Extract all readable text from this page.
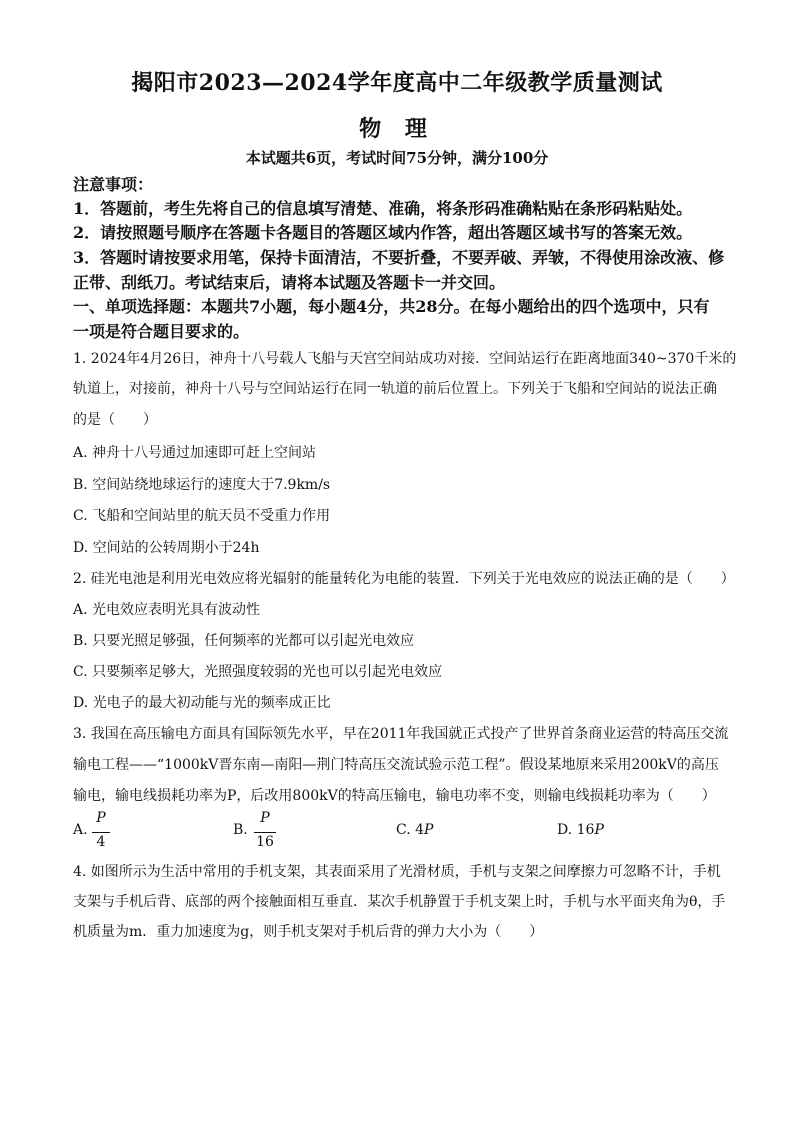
揭阳市2023—2024学年度高中二年级教学质量测试
物 理
本试题共6页，考试时间75分钟，满分100分
注意事项：
1．答题前，考生先将自己的信息填写清楚、准确，将条形码准确粘贴在条形码粘贴处。
2．请按照题号顺序在答题卡各题目的答题区域内作答，超出答题区域书写的答案无效。
3．答题时请按要求用笔，保持卡面清洁，不要折叠，不要弄破、弄皱，不得使用涂改液、修
正带、刮纸刀。考试结束后，请将本试题及答题卡一并交回。
一、单项选择题：本题共7小题，每小题4分，共28分。在每小题给出的四个选项中，只有
一项是符合题目要求的。
1. 2024年4月26日，神舟十八号载人飞船与天宫空间站成功对接．空间站运行在距离地面340~370千米的
轨道上，对接前，神舟十八号与空间站运行在同一轨道的前后位置上。下列关于飞船和空间站的说法正确
的是（　　）
A. 神舟十八号通过加速即可赶上空间站
B. 空间站绕地球运行的速度大于7.9km/s
C. 飞船和空间站里的航天员不受重力作用
D. 空间站的公转周期小于24h
2. 硅光电池是利用光电效应将光辐射的能量转化为电能的装置．下列关于光电效应的说法正确的是（　　）
A. 光电效应表明光具有波动性
B. 只要光照足够强，任何频率的光都可以引起光电效应
C. 只要频率足够大，光照强度较弱的光也可以引起光电效应
D. 光电子的最大初动能与光的频率成正比
3. 我国在高压输电方面具有国际领先水平，早在2011年我国就正式投产了世界首条商业运营的特高压交流
输电工程——“1000kV晋东南—南阳—荆门特高压交流试验示范工程”。假设某地原来采用200kV的高压
输电，输电线损耗功率为P，后改用800kV的特高压输电，输电功率不变，则输电线损耗功率为（　　）
A.
P
4
B.
P
16
C. 4P	D. 16P
4. 如图所示为生活中常用的手机支架，其表面采用了光滑材质，手机与支架之间摩擦力可忽略不计，手机
支架与手机后背、底部的两个接触面相互垂直．某次手机静置于手机支架上时，手机与水平面夹角为θ，手
机质量为m．重力加速度为g，则手机支架对手机后背的弹力大小为（　　）
